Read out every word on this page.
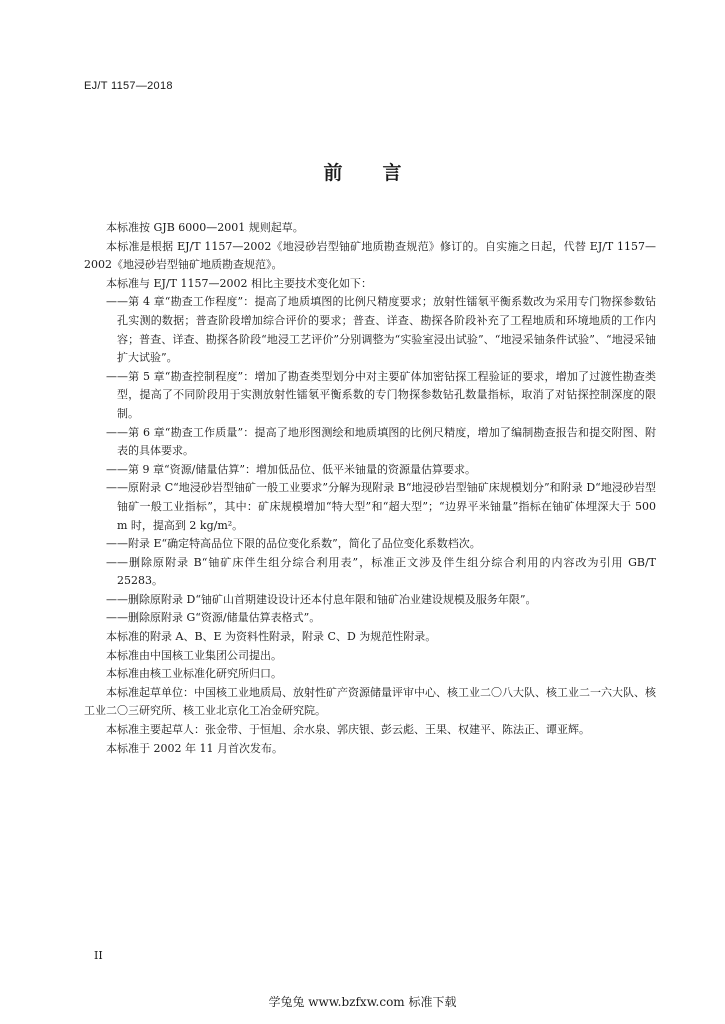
EJ/T 1157—2018
前言

本标准按 GJB 6000—2001 规则起草。

本标准是根据 EJ/T 1157—2002《地浸砂岩型铀矿地质勘查规范》修订的。自实施之日起，代替 EJ/T 1157—2002《地浸砂岩型铀矿地质勘查规范》。

本标准与 EJ/T 1157—2002 相比主要技术变化如下：

——第 4 章“勘查工作程度”：提高了地质填图的比例尺精度要求；放射性镭氡平衡系数改为采用专门物探参数钻孔实测的数据；普查阶段增加综合评价的要求；普查、详查、勘探各阶段补充了工程地质和环境地质的工作内容；普查、详查、勘探各阶段“地浸工艺评价”分别调整为“实验室浸出试验”、“地浸采铀条件试验”、“地浸采铀扩大试验”。

——第 5 章“勘查控制程度”：增加了勘查类型划分中对主要矿体加密钻探工程验证的要求，增加了过渡性勘查类型，提高了不同阶段用于实测放射性镭氡平衡系数的专门物探参数钻孔数量指标，取消了对钻探控制深度的限制。

——第 6 章“勘查工作质量”：提高了地形图测绘和地质填图的比例尺精度，增加了编制勘查报告和提交附图、附表的具体要求。

——第 9 章“资源/储量估算”：增加低品位、低平米铀量的资源量估算要求。

——原附录 C“地浸砂岩型铀矿一般工业要求”分解为现附录 B“地浸砂岩型铀矿床规模划分”和附录 D“地浸砂岩型铀矿一般工业指标”，其中：矿床规模增加“特大型”和“超大型”；“边界平米铀量”指标在铀矿体埋深大于 500 m 时，提高到 2 kg/m²。

——附录 E“确定特高品位下限的品位变化系数”，简化了品位变化系数档次。

——删除原附录 B“铀矿床伴生组分综合利用表”，标准正文涉及伴生组分综合利用的内容改为引用 GB/T 25283。

——删除原附录 D“铀矿山首期建设设计还本付息年限和铀矿冶业建设规模及服务年限”。

——删除原附录 G“资源/储量估算表格式”。

本标准的附录 A、B、E 为资料性附录，附录 C、D 为规范性附录。

本标准由中国核工业集团公司提出。

本标准由核工业标准化研究所归口。

本标准起草单位：中国核工业地质局、放射性矿产资源储量评审中心、核工业二〇八大队、核工业二一六大队、核工业二〇三研究所、核工业北京化工冶金研究院。

本标准主要起草人：张金带、于恒旭、余水泉、郭庆银、彭云彪、王果、权建平、陈法正、谭亚辉。

本标准于 2002 年 11 月首次发布。

II
学兔兔 www.bzfxw.com 标准下载
